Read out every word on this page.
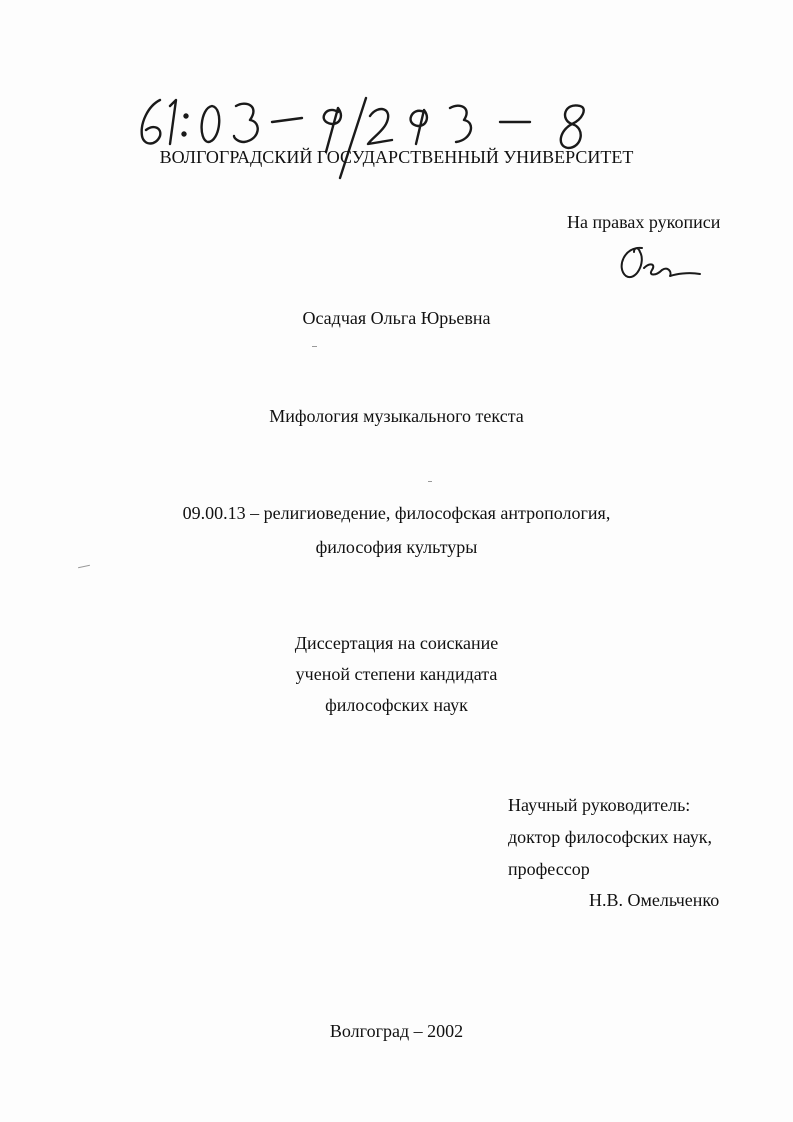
ВОЛГОГРАДСКИЙ ГОСУДАРСТВЕННЫЙ УНИВЕРСИТЕТ
На правах рукописи
Осадчая Ольга Юрьевна
Мифология музыкального текста
09.00.13 – религиоведение, философская антропология,
философия культуры
Диссертация на соискание
ученой степени кандидата
философских наук
Научный руководитель:
доктор философских наук,
профессор
Н.В. Омельченко
Волгоград – 2002
